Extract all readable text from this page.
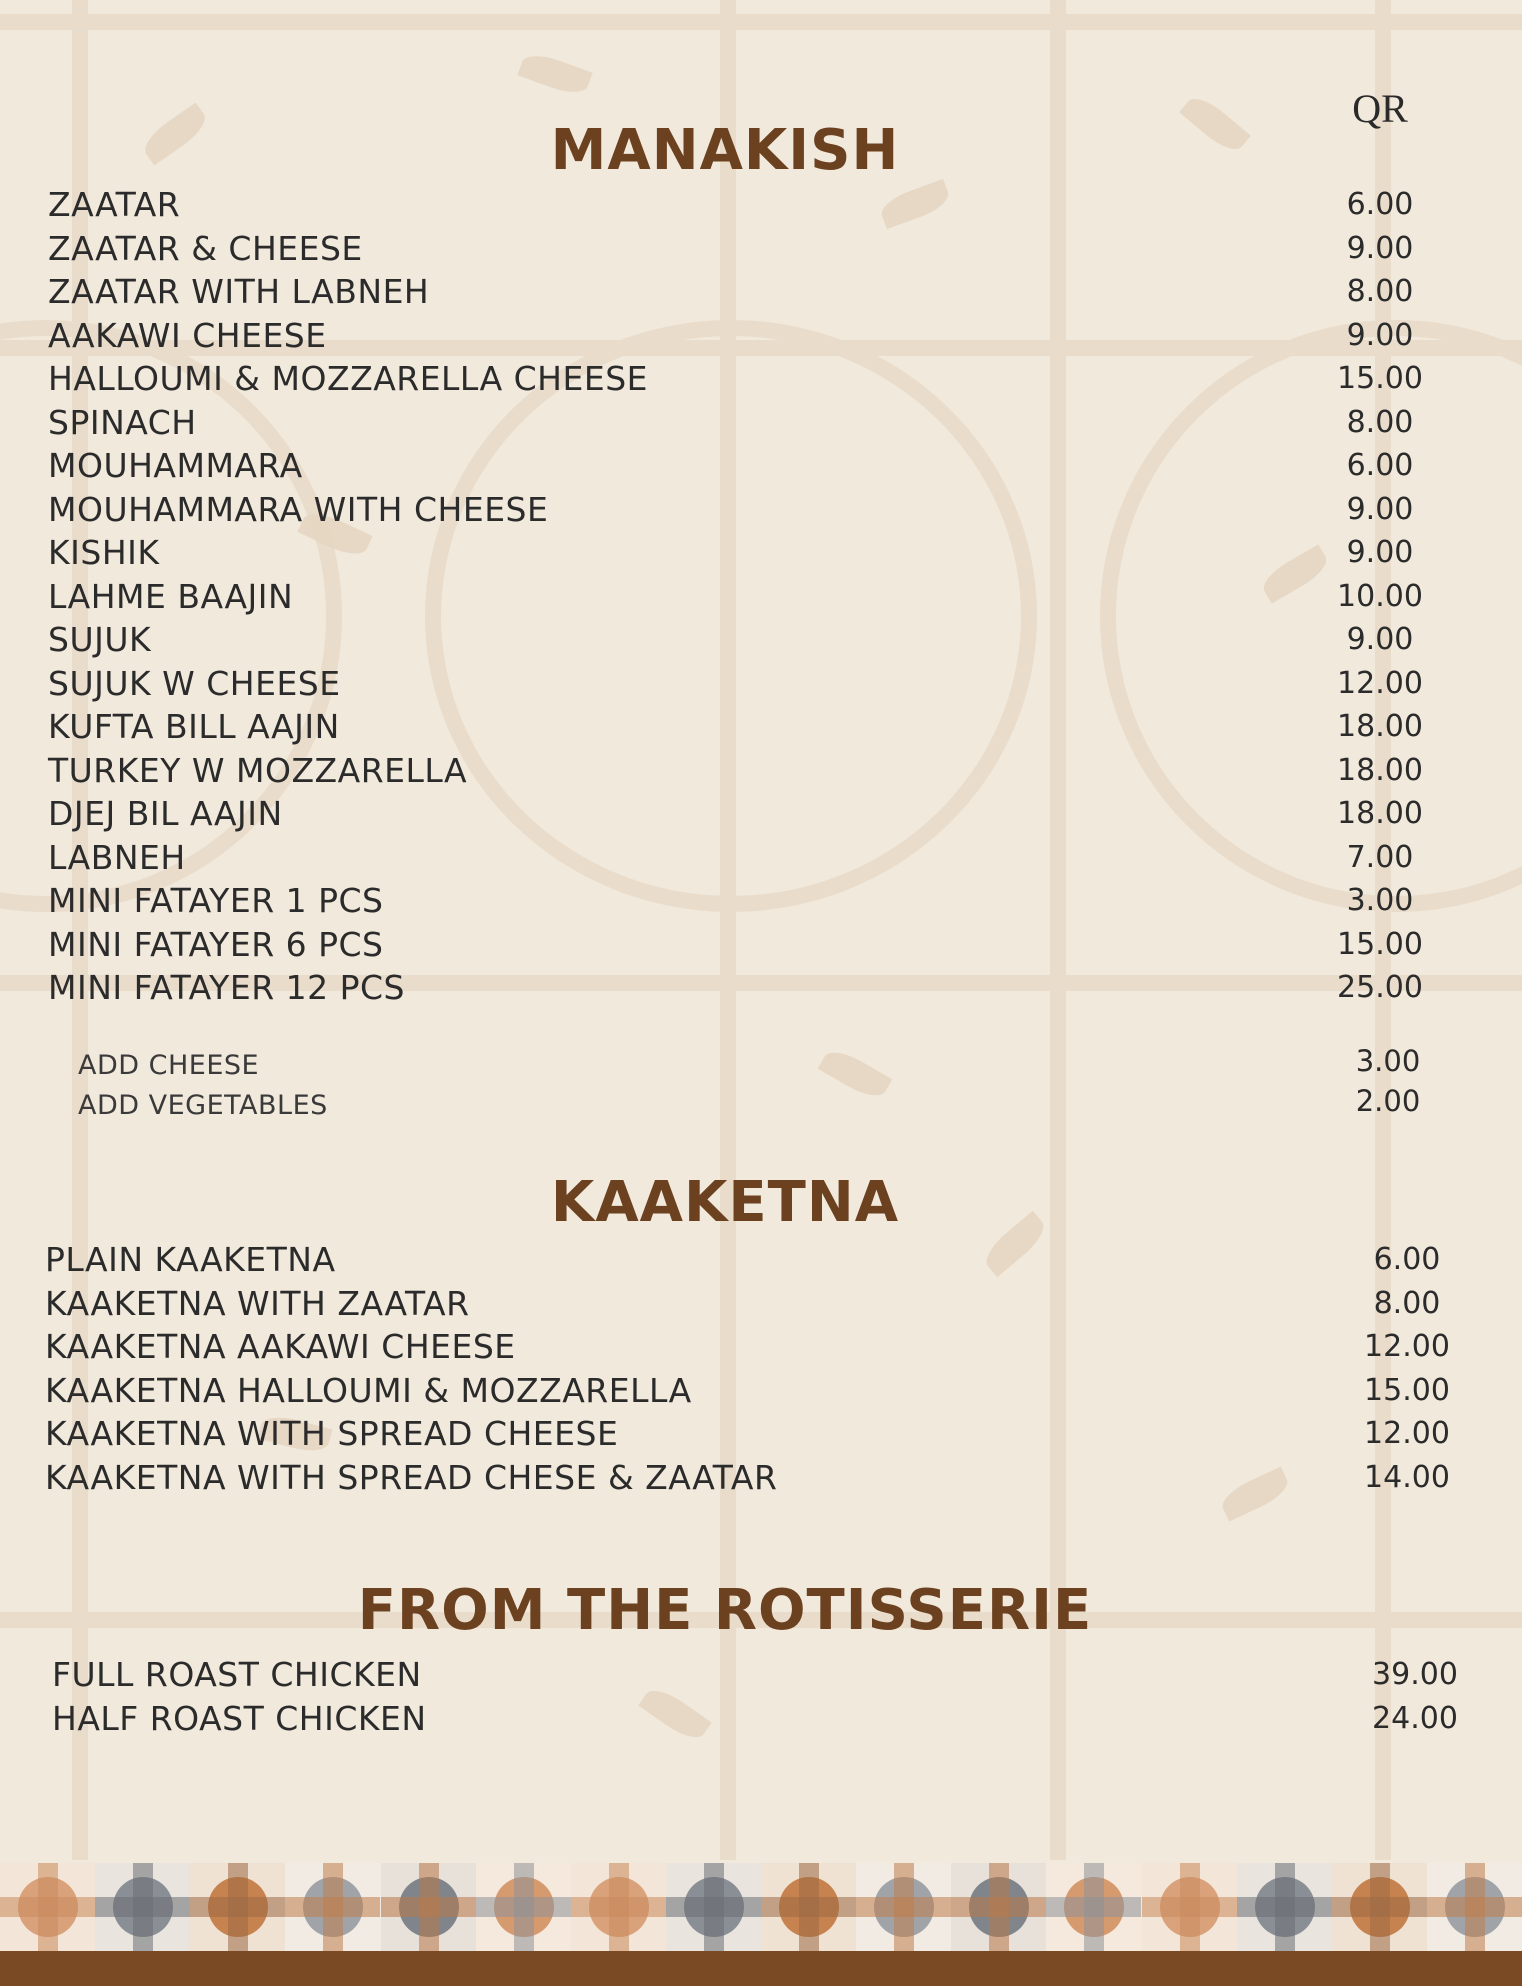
QR
MANAKISH
ZAATAR	6.00
ZAATAR & CHEESE	9.00
ZAATAR WITH LABNEH	8.00
AAKAWI CHEESE	9.00
HALLOUMI & MOZZARELLA CHEESE	15.00
SPINACH	8.00
MOUHAMMARA	6.00
MOUHAMMARA WITH CHEESE	9.00
KISHIK	9.00
LAHME BAAJIN	10.00
SUJUK	9.00
SUJUK W CHEESE	12.00
KUFTA BILL AAJIN	18.00
TURKEY W MOZZARELLA	18.00
DJEJ BIL AAJIN	18.00
LABNEH	7.00
MINI FATAYER 1 PCS	3.00
MINI FATAYER 6 PCS	15.00
MINI FATAYER 12 PCS	25.00
ADD CHEESE	3.00
ADD VEGETABLES	2.00
KAAKETNA
PLAIN KAAKETNA	6.00
KAAKETNA WITH ZAATAR	8.00
KAAKETNA AAKAWI CHEESE	12.00
KAAKETNA HALLOUMI & MOZZARELLA	15.00
KAAKETNA WITH SPREAD CHEESE	12.00
KAAKETNA WITH SPREAD CHESE & ZAATAR	14.00
FROM THE ROTISSERIE
FULL ROAST CHICKEN	39.00
HALF ROAST CHICKEN	24.00
